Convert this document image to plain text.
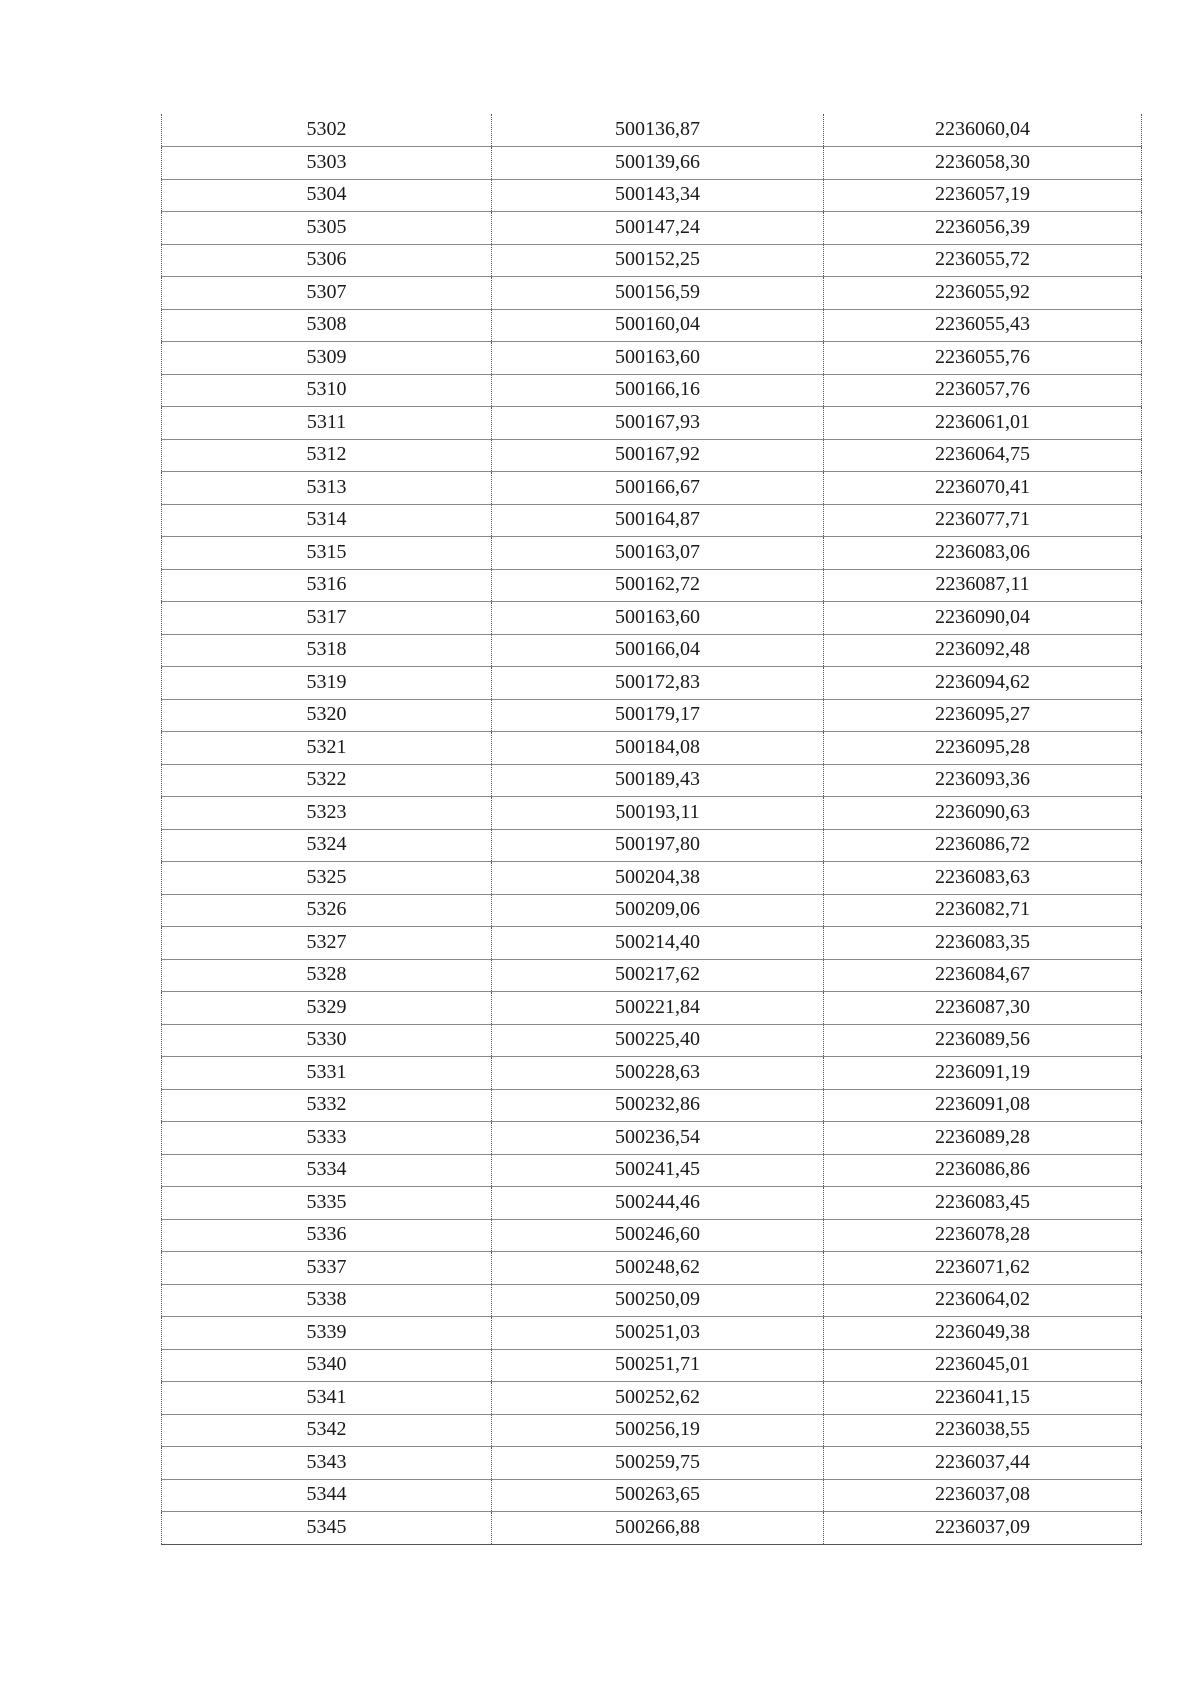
5302	500136,87	2236060,04
5303	500139,66	2236058,30
5304	500143,34	2236057,19
5305	500147,24	2236056,39
5306	500152,25	2236055,72
5307	500156,59	2236055,92
5308	500160,04	2236055,43
5309	500163,60	2236055,76
5310	500166,16	2236057,76
5311	500167,93	2236061,01
5312	500167,92	2236064,75
5313	500166,67	2236070,41
5314	500164,87	2236077,71
5315	500163,07	2236083,06
5316	500162,72	2236087,11
5317	500163,60	2236090,04
5318	500166,04	2236092,48
5319	500172,83	2236094,62
5320	500179,17	2236095,27
5321	500184,08	2236095,28
5322	500189,43	2236093,36
5323	500193,11	2236090,63
5324	500197,80	2236086,72
5325	500204,38	2236083,63
5326	500209,06	2236082,71
5327	500214,40	2236083,35
5328	500217,62	2236084,67
5329	500221,84	2236087,30
5330	500225,40	2236089,56
5331	500228,63	2236091,19
5332	500232,86	2236091,08
5333	500236,54	2236089,28
5334	500241,45	2236086,86
5335	500244,46	2236083,45
5336	500246,60	2236078,28
5337	500248,62	2236071,62
5338	500250,09	2236064,02
5339	500251,03	2236049,38
5340	500251,71	2236045,01
5341	500252,62	2236041,15
5342	500256,19	2236038,55
5343	500259,75	2236037,44
5344	500263,65	2236037,08
5345	500266,88	2236037,09
